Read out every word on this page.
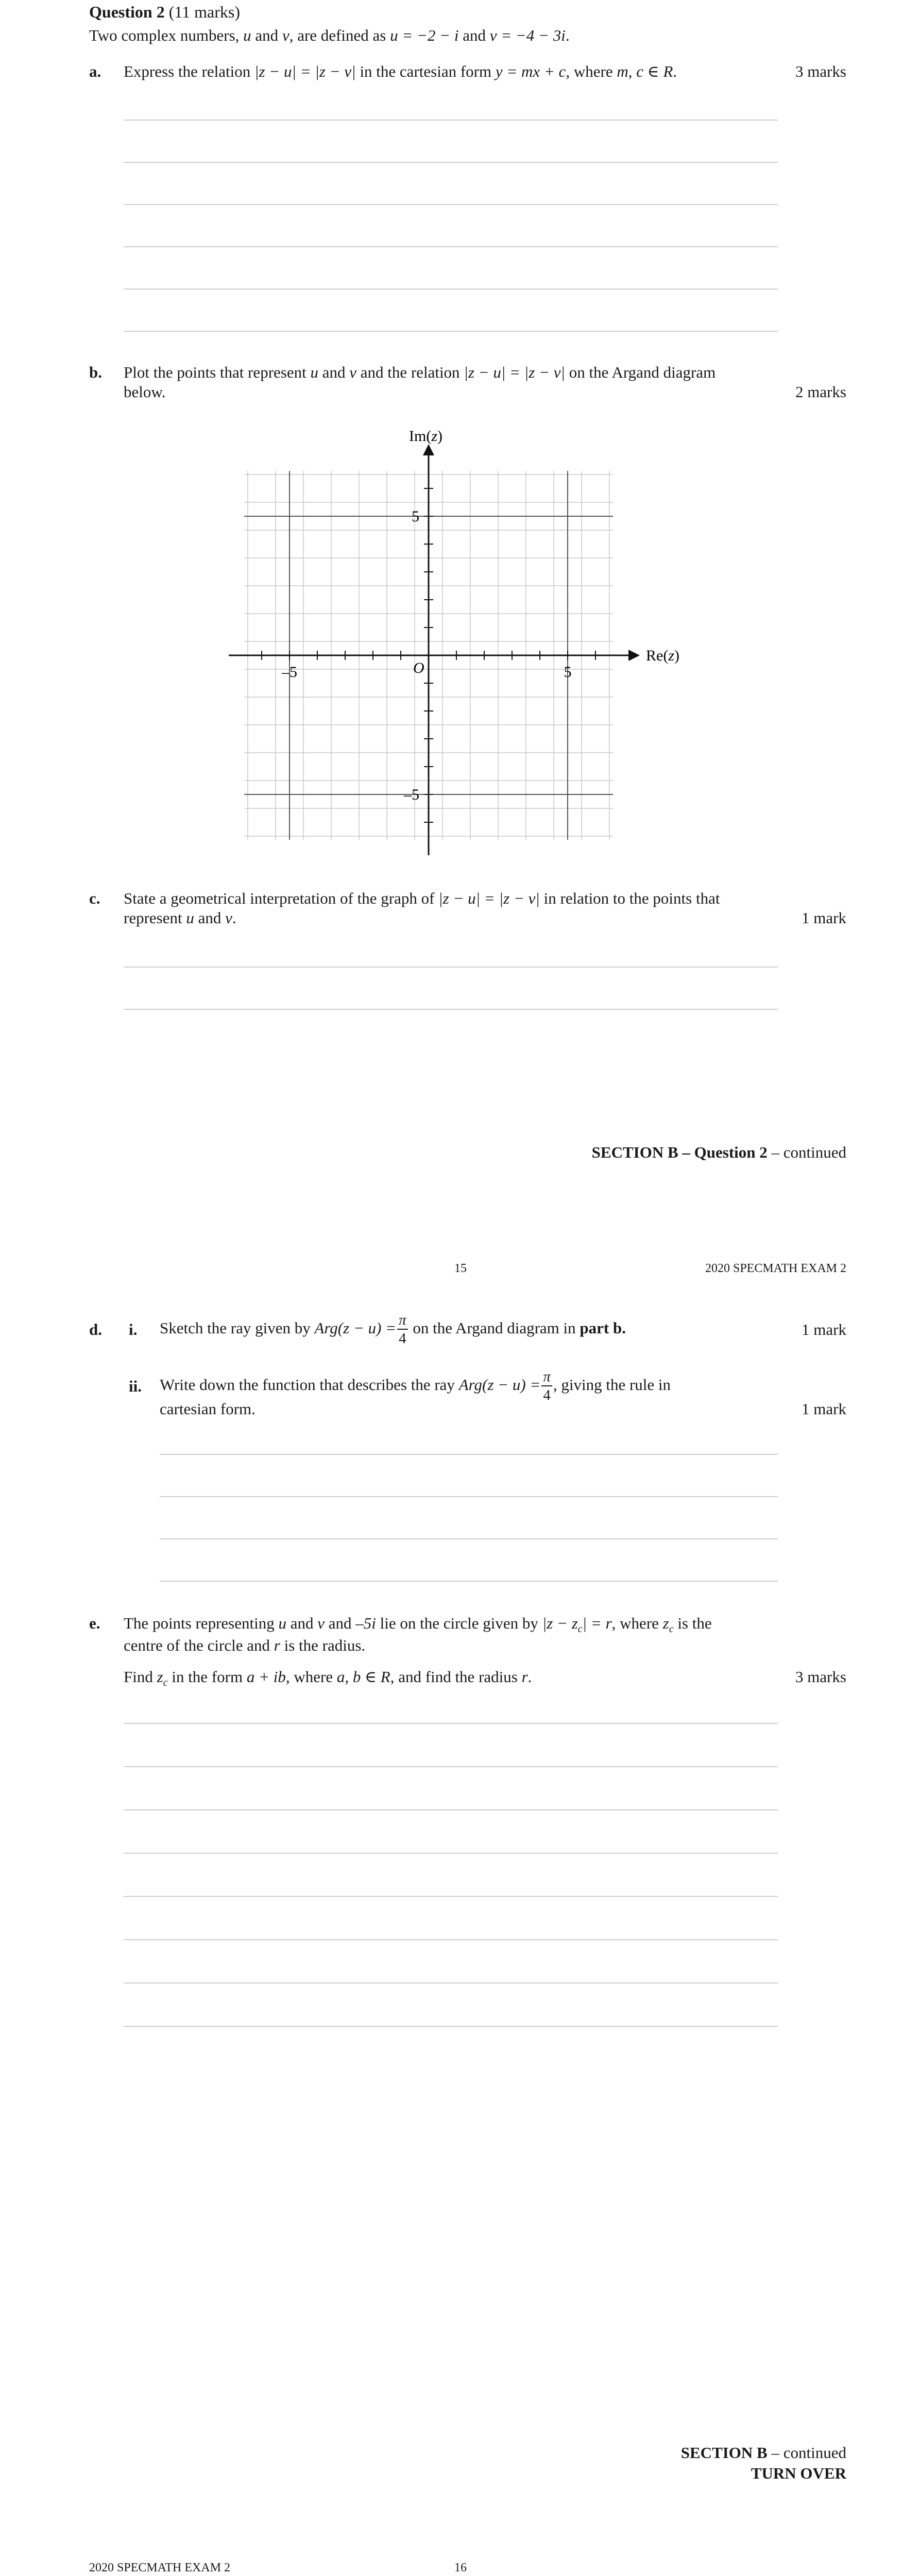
Question 2 (11 marks)
Two complex numbers, u and v, are defined as u = −2 − i and v = −4 − 3i.
a. Express the relation |z − u| = |z − v| in the cartesian form y = mx + c, where m, c ∈ R.	3 marks
b. Plot the points that represent u and v and the relation |z − u| = |z − v| on the Argand diagram
below.	2 marks
Im(z)
Re(z)
O
–5	5
5
–5
c. State a geometrical interpretation of the graph of |z − u| = |z − v| in relation to the points that
represent u and v.	1 mark
SECTION B – Question 2 – continued
15	2020 SPECMATH EXAM 2
d. i. Sketch the ray given by $Arg(z - u) = \frac{\pi}{4}$ on the Argand diagram in part b.	1 mark
ii. Write down the function that describes the ray $Arg(z - u) = \frac{\pi}{4}$ , giving the rule in
cartesian form.	1 mark
e. The points representing u and v and –5i lie on the circle given by $|z - z_c| = r$, where $z_c$ is the
centre of the circle and r is the radius.
Find $z_c$ in the form a + ib, where a, b ∈ R, and find the radius r.	3 marks
SECTION B – continued
TURN OVER
2020 SPECMATH EXAM 2	16
